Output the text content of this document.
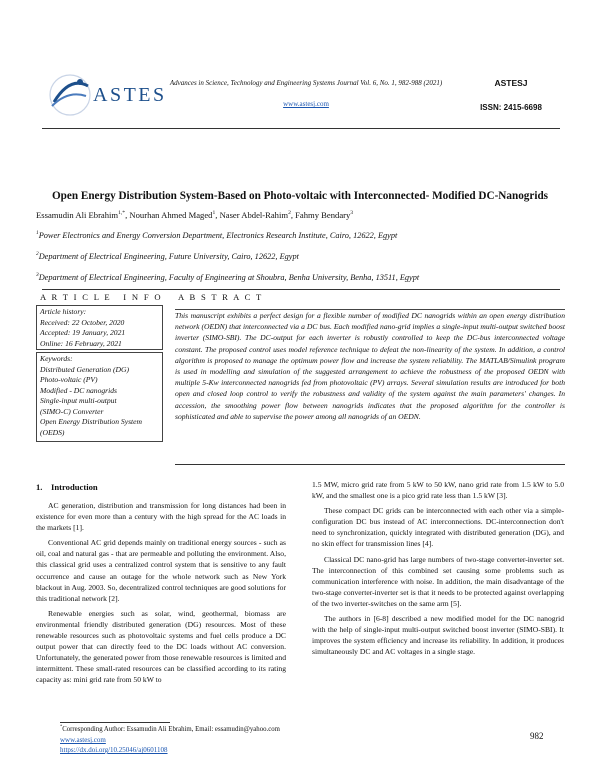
ASTES
Advances in Science, Technology and Engineering Systems Journal Vol. 6, No. 1, 982-988 (2021)
www.astesj.com
ASTESJ
ISSN: 2415-6698
Open Energy Distribution System-Based on Photo-voltaic with Interconnected- Modified DC-Nanogrids
Essamudin Ali Ebrahim$^{1,*}$, Nourhan Ahmed Maged$^1$, Naser Abdel-Rahim$^2$, Fahmy Bendary$^3$
$^1$Power Electronics and Energy Conversion Department, Electronics Research Institute, Cairo, 12622, Egypt
$^2$Department of Electrical Engineering, Future University, Cairo, 12622, Egypt
$^3$Department of Electrical Engineering, Faculty of Engineering at Shoubra, Benha University, Benha, 13511, Egypt
A R T I C L E   I N F O A B S T R A C T
Article history:
Received: 22 October, 2020
Accepted: 19 January, 2021
Online: 16 February, 2021
Keywords:
Distributed Generation (DG)
Photo-voltaic (PV)
Modified - DC nanogrids
Single-input multi-output
(SIMO-C) Converter
Open Energy Distribution System
(OEDS)
This manuscript exhibits a perfect design for a flexible number of modified DC nanogrids within an open energy distribution network (OEDN) that interconnected via a DC bus. Each modified nano-grid implies a single-input multi-output switched boost inverter (SIMO-SBI). The DC-output for each inverter is robustly controlled to keep the DC-bus interconnected voltage constant. The proposed control uses model reference technique to defeat the non-linearity of the system. In addition, a control algorithm is proposed to manage the optimum power flow and increase the system reliability. The MATLAB/Simulink program is used in modelling and simulation of the suggested arrangement to achieve the robustness of the proposed OEDN with multiple 5-Kw interconnected nanogrids fed from photovoltaic (PV) arrays. Several simulation results are introduced for both open and closed loop control to verify the robustness and validity of the system against the main parameters' changes. In accession, the smoothing power flow between nanogrids indicates that the proposed algorithm for the controller is sophisticated and able to supervise the power among all nanogrids of an OEDN.
1.    Introduction

AC generation, distribution and transmission for long distances had been in existence for even more than a century with the high spread for the AC loads in the markets [1].

Conventional AC grid depends mainly on traditional energy sources - such as oil, coal and natural gas - that are permeable and polluting the environment. Also, this classical grid uses a centralized control system that is sensitive to any fault occurrence and cause an outage for the whole network such as New York blackout in Aug. 2003. So, decentralized control techniques are good solutions for this traditional network [2].

Renewable energies such as solar, wind, geothermal, biomass are environmental friendly distributed generation (DG) resources. Most of these renewable resources such as photovoltaic systems and fuel cells produce a DC output power that can directly feed to the DC loads without AC conversion. Unfortunately, the generated power from those renewable resources is limited and intermittent. These small-rated resources can be classified according to its rating capacity as: mini grid rate from 50 kW to

1.5 MW, micro grid rate from 5 kW to 50 kW, nano grid rate from 1.5 kW to 5.0 kW, and the smallest one is a pico grid rate less than 1.5 kW [3].

These compact DC grids can be interconnected with each other via a simple-configuration DC bus instead of AC interconnections. DC-interconnection don't need to synchronization, quickly integrated with distributed generation (DG), and no skin effect for transmission lines [4].

Classical DC nano-grid has large numbers of two-stage converter-inverter set. The interconnection of this combined set causing some problems such as communication interference with noise. In addition, the main disadvantage of the two-stage converter-inverter set is that it needs to be protected against overlapping of the two inverter-switches on the same arm [5].

The authors in [6-8] described a new modified model for the DC nanogrid with the help of single-input multi-output switched boost inverter (SIMO-SBI). It improves the system efficiency and increase its reliability. In addition, it produces simultaneously DC and AC voltages in a single stage.

*Corresponding Author: Essamudin Ali Ebrahim, Email: essamudin@yahoo.com
www.astesj.com
https://dx.doi.org/10.25046/aj0601108
982
